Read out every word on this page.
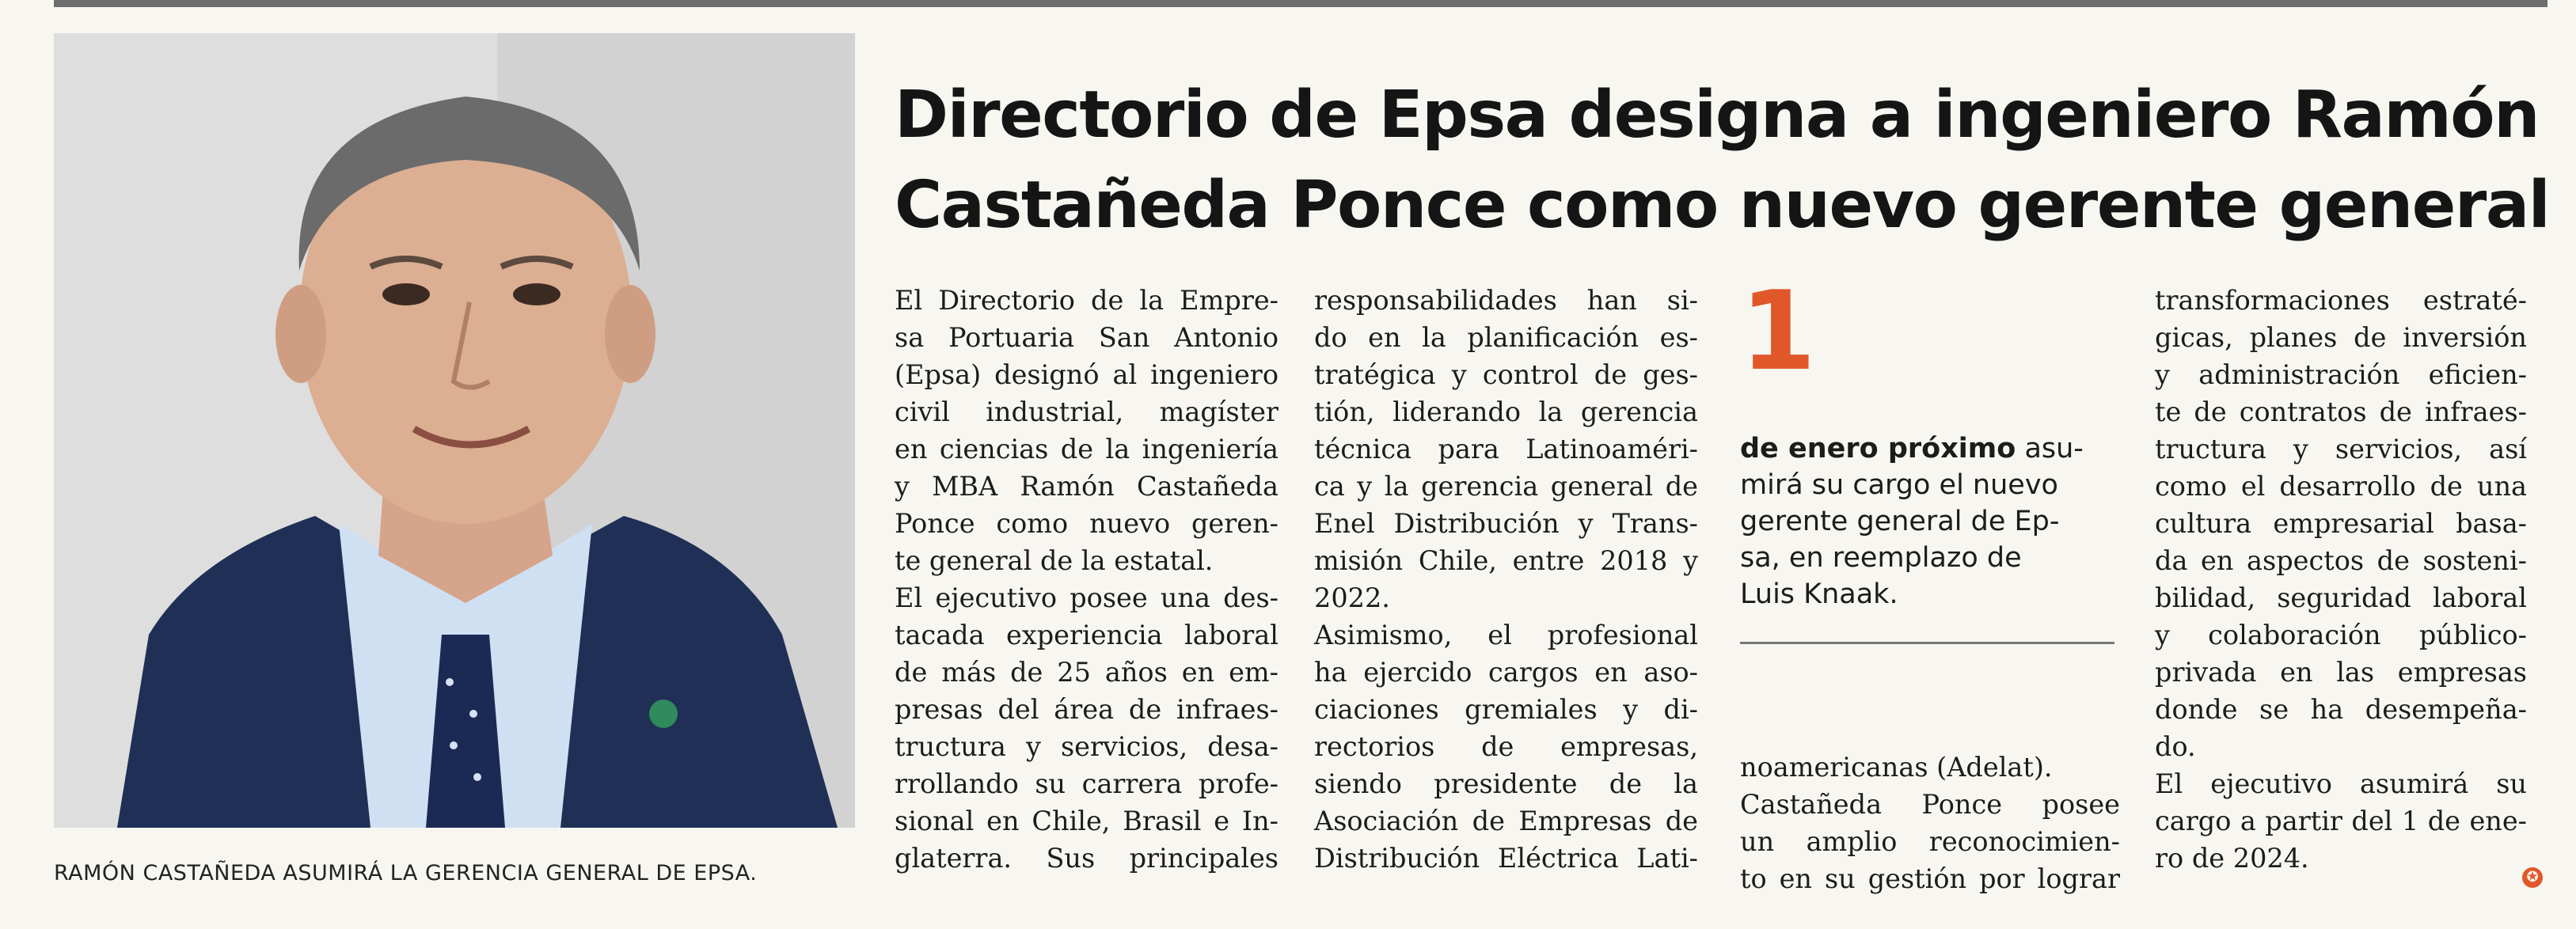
RAMÓN CASTAÑEDA ASUMIRÁ LA GERENCIA GENERAL DE EPSA.
Directorio de Epsa designa a ingeniero Ramón
Castañeda Ponce como nuevo gerente general
El Directorio de la Empre-
sa Portuaria San Antonio
(Epsa) designó al ingeniero
civil industrial, magíster
en ciencias de la ingeniería
y MBA Ramón Castañeda
Ponce como nuevo geren-
te general de la estatal.
El ejecutivo posee una des-
tacada experiencia laboral
de más de 25 años en em-
presas del área de infraes-
tructura y servicios, desa-
rrollando su carrera profe-
sional en Chile, Brasil e In-
glaterra. Sus principales
responsabilidades han si-
do en la planificación es-
tratégica y control de ges-
tión, liderando la gerencia
técnica para Latinoaméri-
ca y la gerencia general de
Enel Distribución y Trans-
misión Chile, entre 2018 y
2022.
Asimismo, el profesional
ha ejercido cargos en aso-
ciaciones gremiales y di-
rectorios de empresas,
siendo presidente de la
Asociación de Empresas de
Distribución Eléctrica Lati-
1
de enero próximo asu-
mirá su cargo el nuevo
gerente general de Ep-
sa, en reemplazo de
Luis Knaak.
noamericanas (Adelat).
Castañeda Ponce posee
un amplio reconocimien-
to en su gestión por lograr
transformaciones estraté-
gicas, planes de inversión
y administración eficien-
te de contratos de infraes-
tructura y servicios, así
como el desarrollo de una
cultura empresarial basa-
da en aspectos de sosteni-
bilidad, seguridad laboral
y colaboración público-
privada en las empresas
donde se ha desempeña-
do.
El ejecutivo asumirá su
cargo a partir del 1 de ene-
ro de 2024.
✪
